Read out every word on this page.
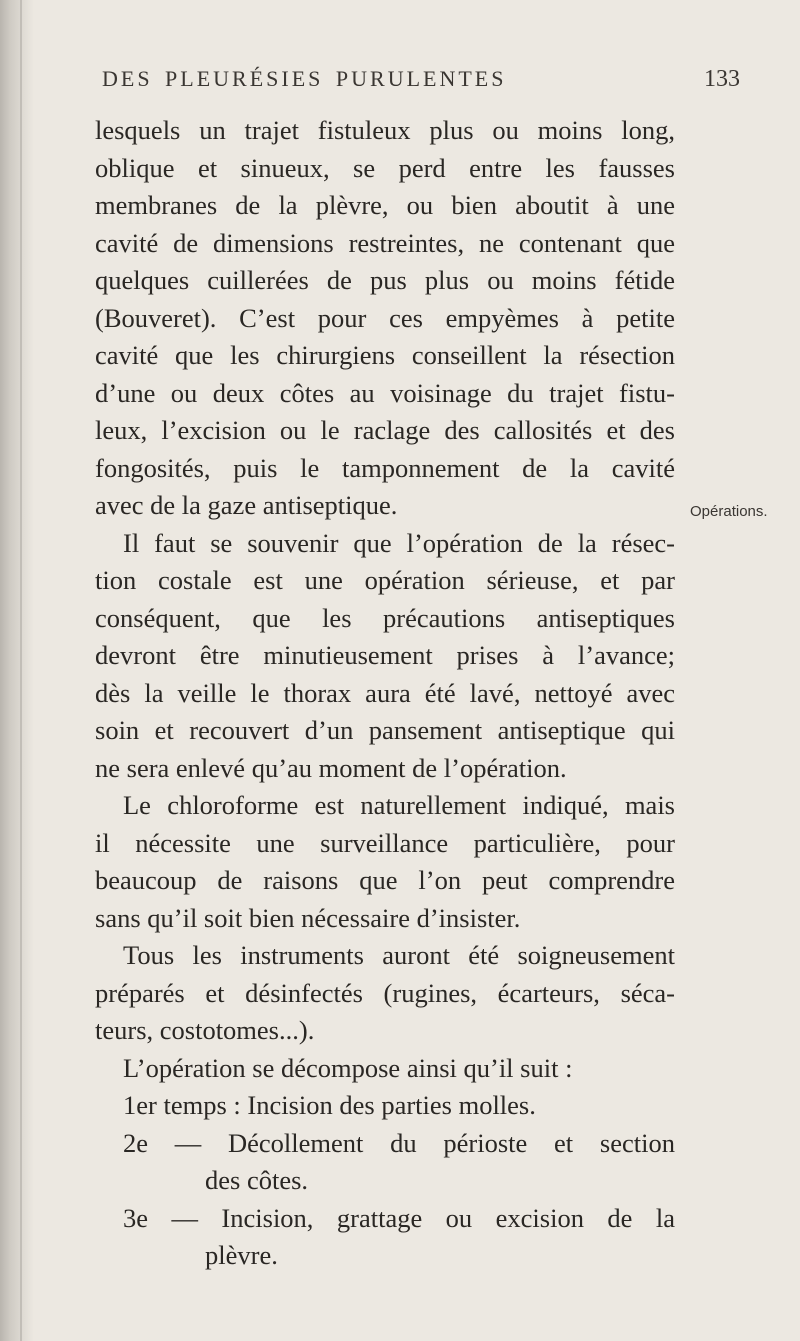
DES PLEURÉSIES PURULENTES	133
Opérations.
lesquels un trajet fistuleux plus ou moins long,
oblique et sinueux, se perd entre les fausses
membranes de la plèvre, ou bien aboutit à une
cavité de dimensions restreintes, ne contenant que
quelques cuillerées de pus plus ou moins fétide
(Bouveret). C’est pour ces empyèmes à petite
cavité que les chirurgiens conseillent la résection
d’une ou deux côtes au voisinage du trajet fistu-
leux, l’excision ou le raclage des callosités et des
fongosités, puis le tamponnement de la cavité
avec de la gaze antiseptique.
Il faut se souvenir que l’opération de la résec-
tion costale est une opération sérieuse, et par
conséquent, que les précautions antiseptiques
devront être minutieusement prises à l’avance;
dès la veille le thorax aura été lavé, nettoyé avec
soin et recouvert d’un pansement antiseptique qui
ne sera enlevé qu’au moment de l’opération.
Le chloroforme est naturellement indiqué, mais
il nécessite une surveillance particulière, pour
beaucoup de raisons que l’on peut comprendre
sans qu’il soit bien nécessaire d’insister.
Tous les instruments auront été soigneusement
préparés et désinfectés (rugines, écarteurs, séca-
teurs, costotomes...).
L’opération se décompose ainsi qu’il suit :
1er temps : Incision des parties molles.
2e — Décollement du périoste et section
des côtes.
3e — Incision, grattage ou excision de la
plèvre.
